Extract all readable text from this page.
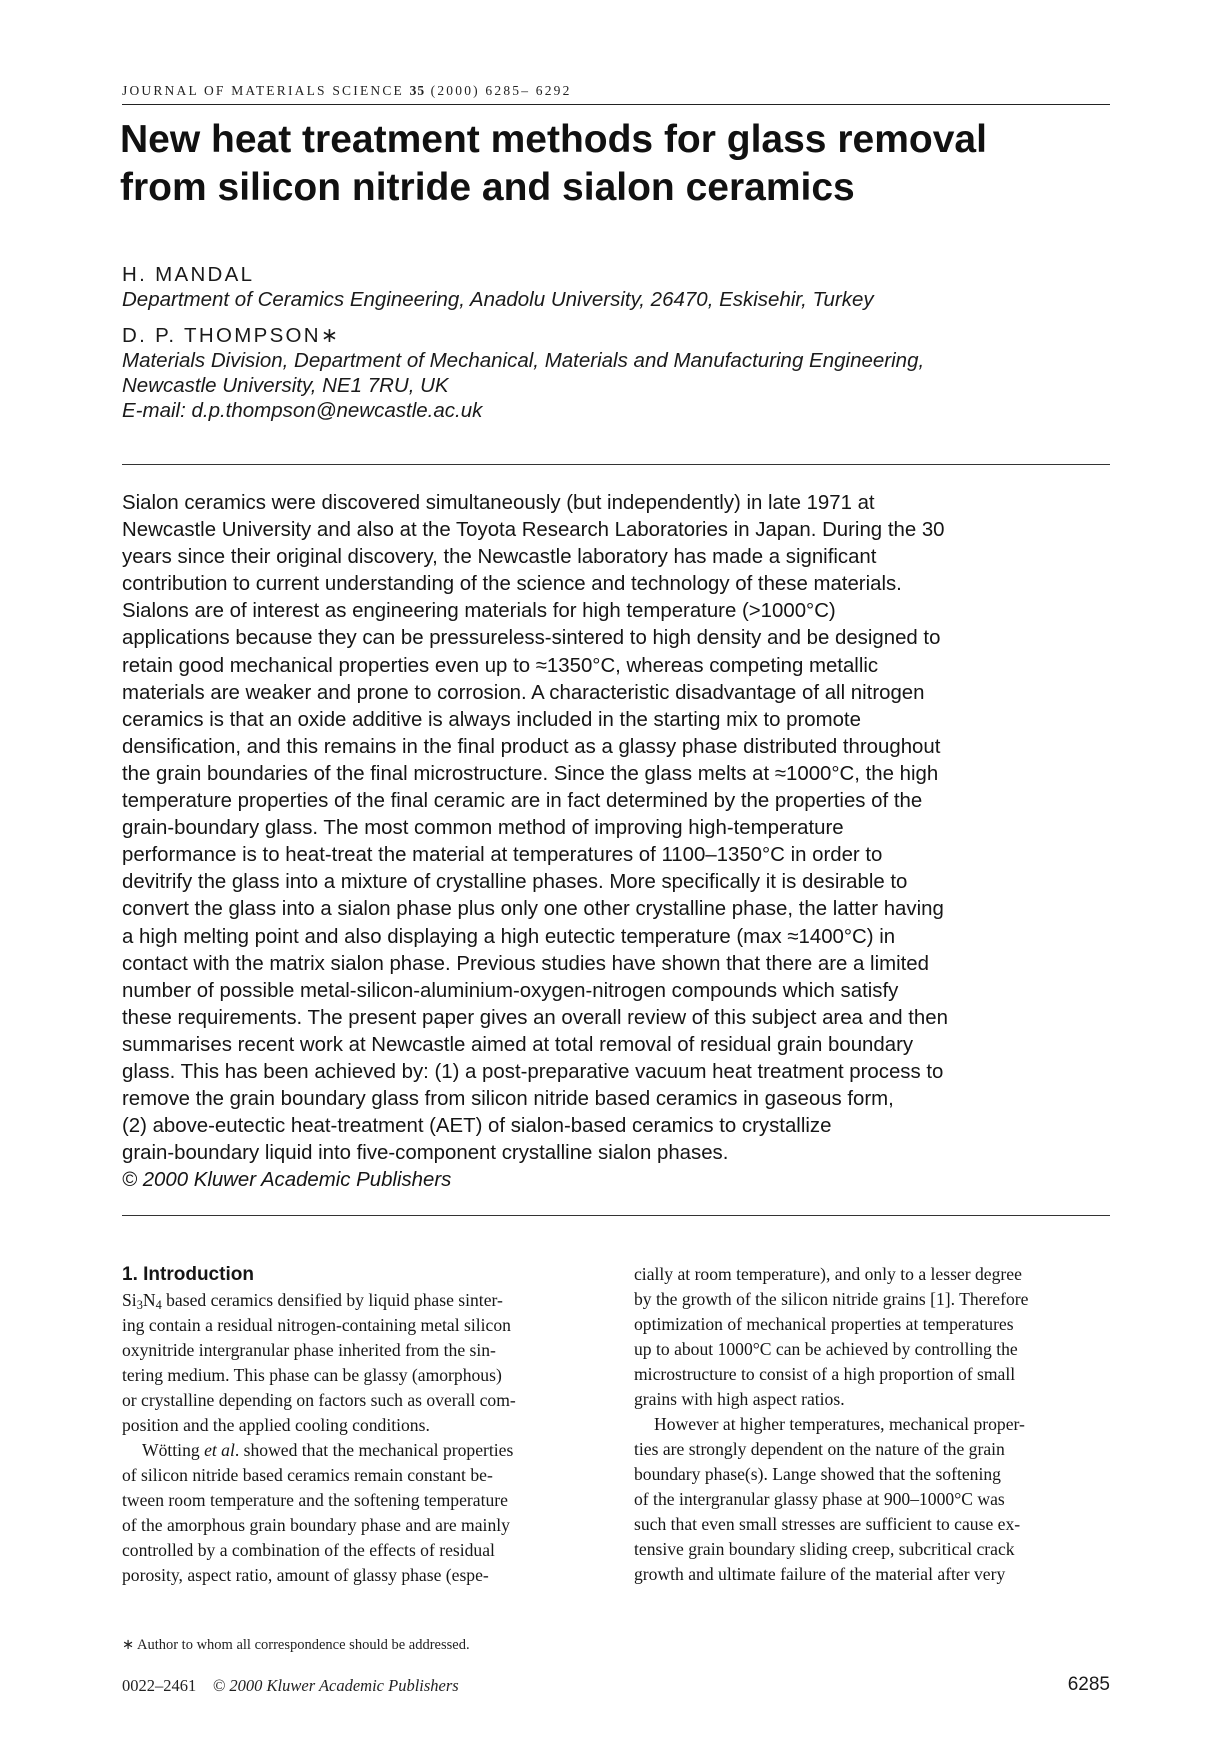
JOURNAL OF MATERIALS SCIENCE 35 (2000) 6285– 6292
New heat treatment methods for glass removal
from silicon nitride and sialon ceramics
H. MANDAL
Department of Ceramics Engineering, Anadolu University, 26470, Eskisehir, Turkey
D. P. THOMPSON∗
Materials Division, Department of Mechanical, Materials and Manufacturing Engineering,
Newcastle University, NE1 7RU, UK
E-mail: d.p.thompson@newcastle.ac.uk
Sialon ceramics were discovered simultaneously (but independently) in late 1971 at
Newcastle University and also at the Toyota Research Laboratories in Japan. During the 30
years since their original discovery, the Newcastle laboratory has made a significant
contribution to current understanding of the science and technology of these materials.
Sialons are of interest as engineering materials for high temperature (>1000°C)
applications because they can be pressureless-sintered to high density and be designed to
retain good mechanical properties even up to ≈1350°C, whereas competing metallic
materials are weaker and prone to corrosion. A characteristic disadvantage of all nitrogen
ceramics is that an oxide additive is always included in the starting mix to promote
densification, and this remains in the final product as a glassy phase distributed throughout
the grain boundaries of the final microstructure. Since the glass melts at ≈1000°C, the high
temperature properties of the final ceramic are in fact determined by the properties of the
grain-boundary glass. The most common method of improving high-temperature
performance is to heat-treat the material at temperatures of 1100–1350°C in order to
devitrify the glass into a mixture of crystalline phases. More specifically it is desirable to
convert the glass into a sialon phase plus only one other crystalline phase, the latter having
a high melting point and also displaying a high eutectic temperature (max ≈1400°C) in
contact with the matrix sialon phase. Previous studies have shown that there are a limited
number of possible metal-silicon-aluminium-oxygen-nitrogen compounds which satisfy
these requirements. The present paper gives an overall review of this subject area and then
summarises recent work at Newcastle aimed at total removal of residual grain boundary
glass. This has been achieved by: (1) a post-preparative vacuum heat treatment process to
remove the grain boundary glass from silicon nitride based ceramics in gaseous form,
(2) above-eutectic heat-treatment (AET) of sialon-based ceramics to crystallize
grain-boundary liquid into five-component crystalline sialon phases.
© 2000 Kluwer Academic Publishers
1. Introduction
$Si_3N_4$ based ceramics densified by liquid phase sinter-
ing contain a residual nitrogen-containing metal silicon
oxynitride intergranular phase inherited from the sin-
tering medium. This phase can be glassy (amorphous)
or crystalline depending on factors such as overall com-
position and the applied cooling conditions.
Wötting et al. showed that the mechanical properties
of silicon nitride based ceramics remain constant be-
tween room temperature and the softening temperature
of the amorphous grain boundary phase and are mainly
controlled by a combination of the effects of residual
porosity, aspect ratio, amount of glassy phase (espe-
cially at room temperature), and only to a lesser degree
by the growth of the silicon nitride grains [1]. Therefore
optimization of mechanical properties at temperatures
up to about 1000°C can be achieved by controlling the
microstructure to consist of a high proportion of small
grains with high aspect ratios.
However at higher temperatures, mechanical proper-
ties are strongly dependent on the nature of the grain
boundary phase(s). Lange showed that the softening
of the intergranular glassy phase at 900–1000°C was
such that even small stresses are sufficient to cause ex-
tensive grain boundary sliding creep, subcritical crack
growth and ultimate failure of the material after very
∗ Author to whom all correspondence should be addressed.
0022–2461 © 2000 Kluwer Academic Publishers	6285
